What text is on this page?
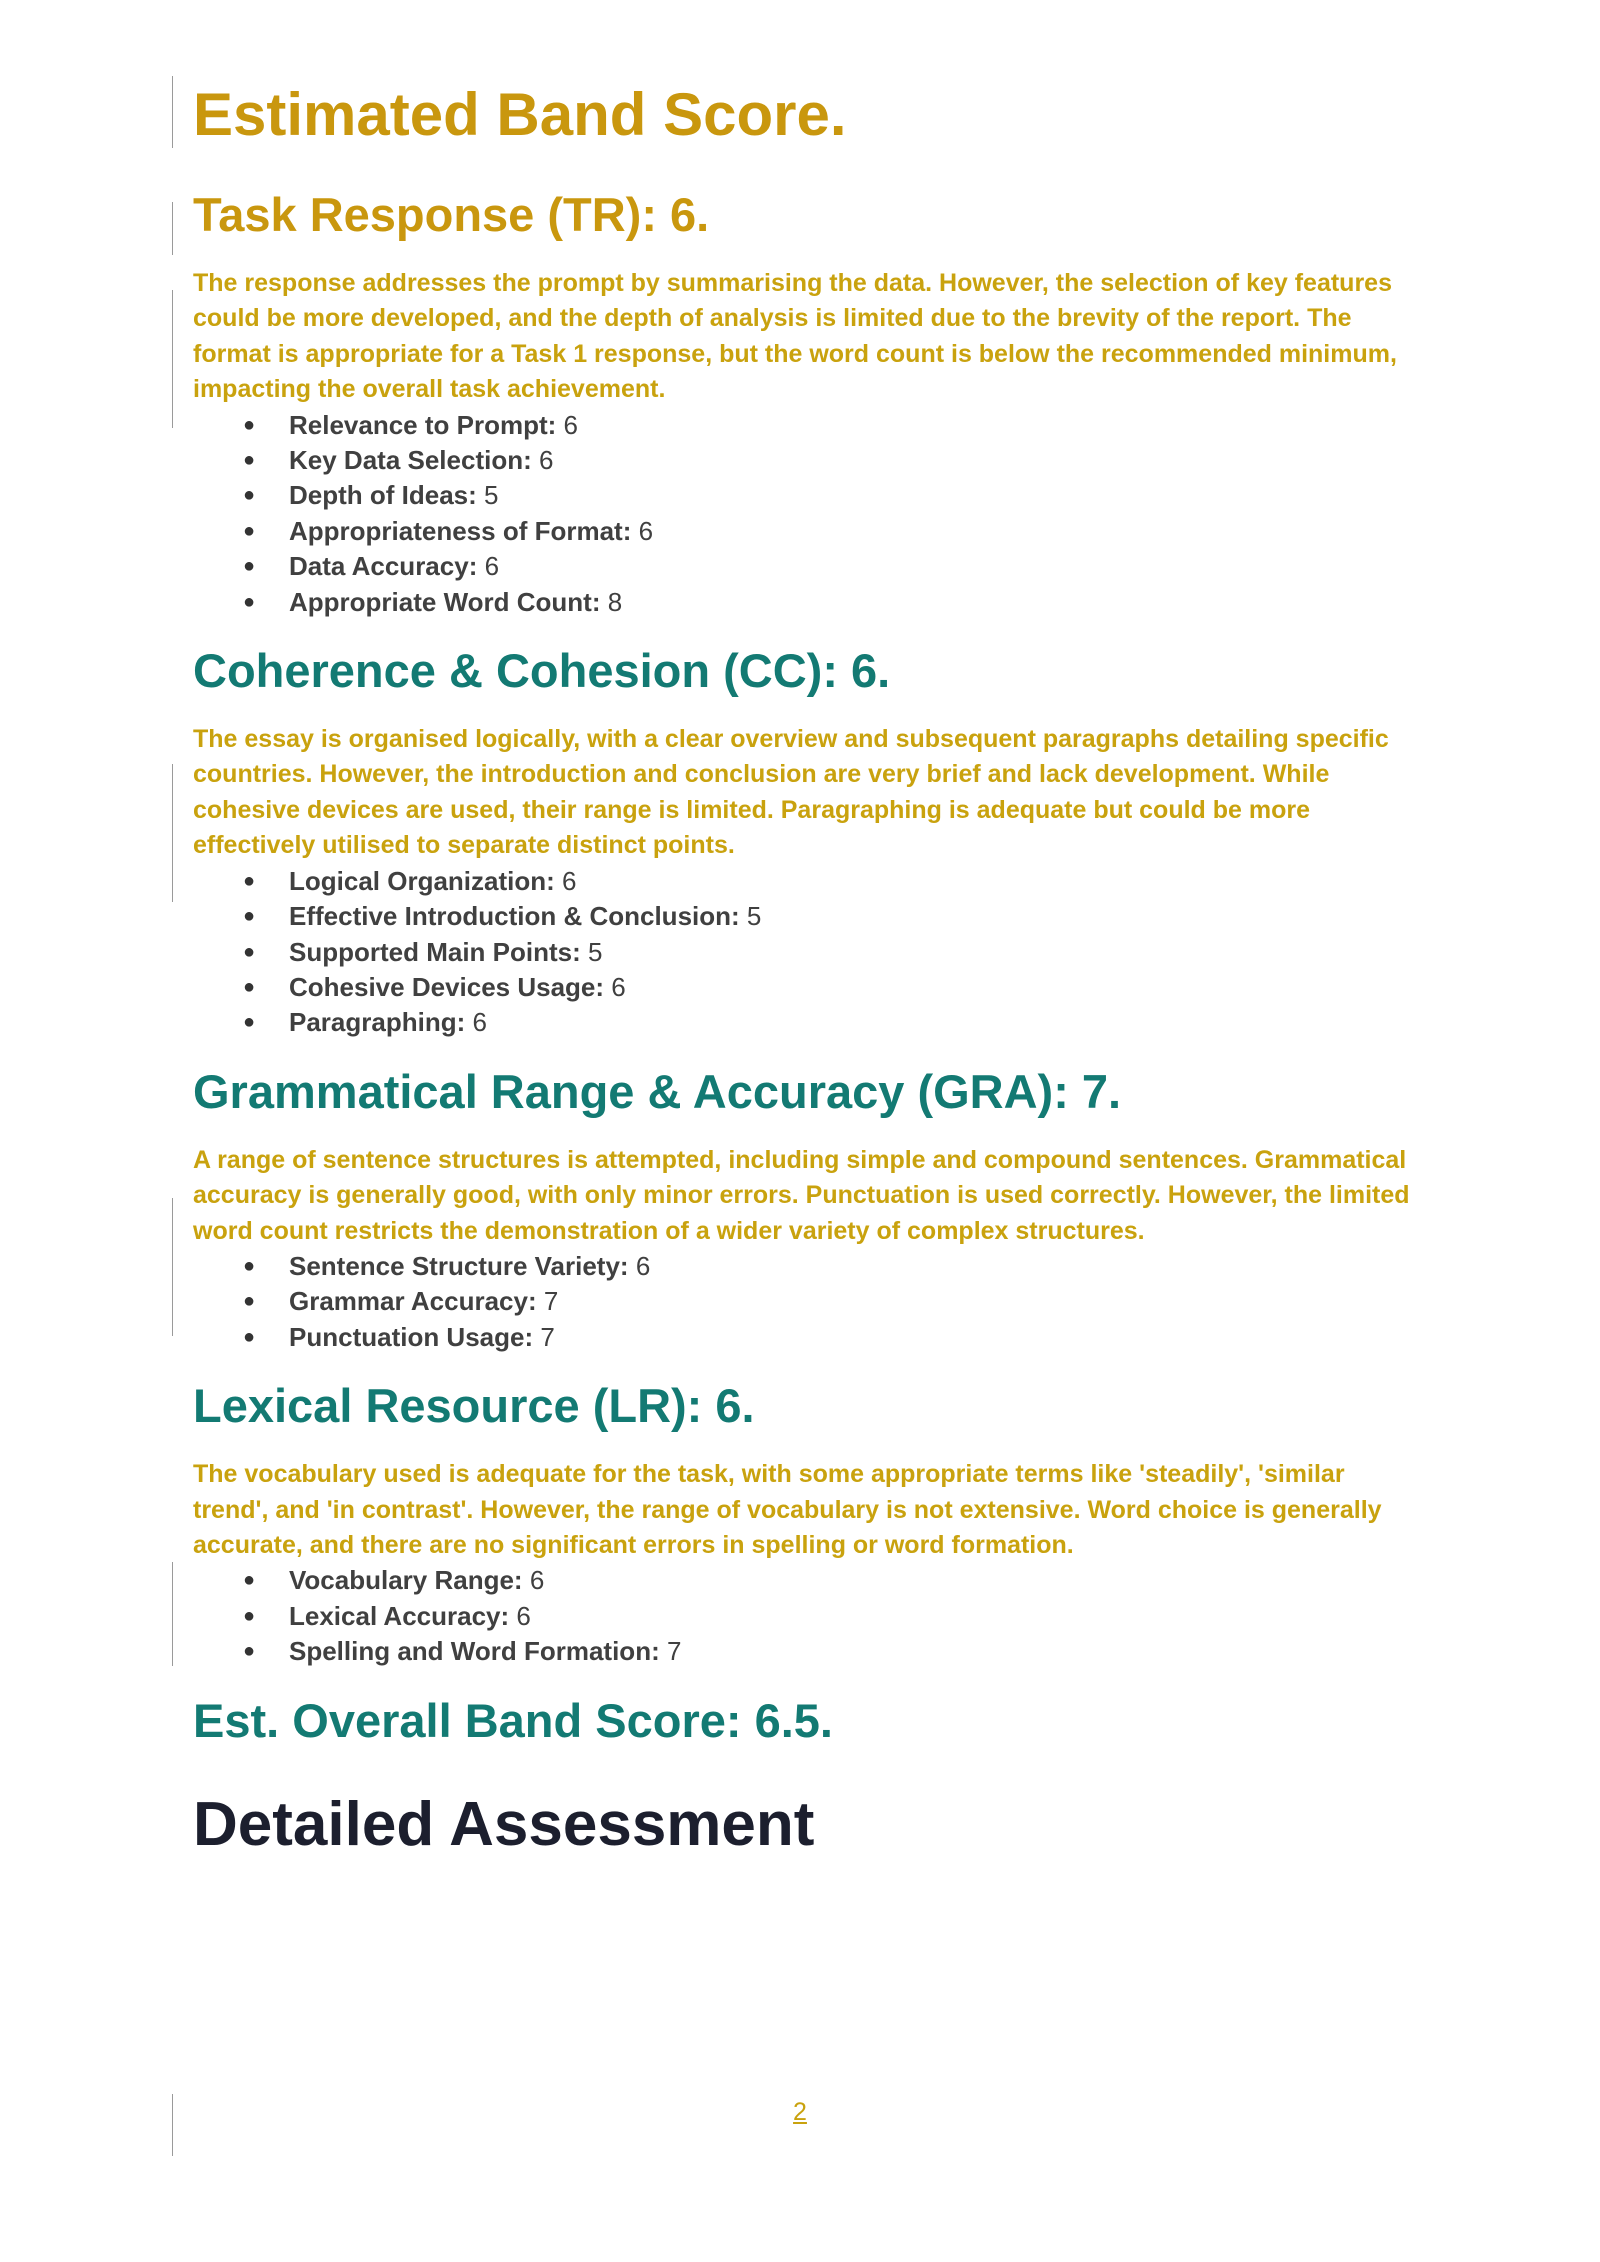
Estimated Band Score.
Task Response (TR): 6.

The response addresses the prompt by summarising the data. However, the selection of key features could be more developed, and the depth of analysis is limited due to the brevity of the report. The format is appropriate for a Task 1 response, but the word count is below the recommended minimum, impacting the overall task achievement.

● Relevance to Prompt: 6
● Key Data Selection: 6
● Depth of Ideas: 5
● Appropriateness of Format: 6
● Data Accuracy: 6
● Appropriate Word Count: 8
Coherence & Cohesion (CC): 6.

The essay is organised logically, with a clear overview and subsequent paragraphs detailing specific countries. However, the introduction and conclusion are very brief and lack development. While cohesive devices are used, their range is limited. Paragraphing is adequate but could be more effectively utilised to separate distinct points.

● Logical Organization: 6
● Effective Introduction & Conclusion: 5
● Supported Main Points: 5
● Cohesive Devices Usage: 6
● Paragraphing: 6
Grammatical Range & Accuracy (GRA): 7.

A range of sentence structures is attempted, including simple and compound sentences. Grammatical accuracy is generally good, with only minor errors. Punctuation is used correctly. However, the limited word count restricts the demonstration of a wider variety of complex structures.

● Sentence Structure Variety: 6
● Grammar Accuracy: 7
● Punctuation Usage: 7
Lexical Resource (LR): 6.

The vocabulary used is adequate for the task, with some appropriate terms like 'steadily', 'similar trend', and 'in contrast'. However, the range of vocabulary is not extensive. Word choice is generally accurate, and there are no significant errors in spelling or word formation.

● Vocabulary Range: 6
● Lexical Accuracy: 6
● Spelling and Word Formation: 7
Est. Overall Band Score: 6.5.
Detailed Assessment
2
